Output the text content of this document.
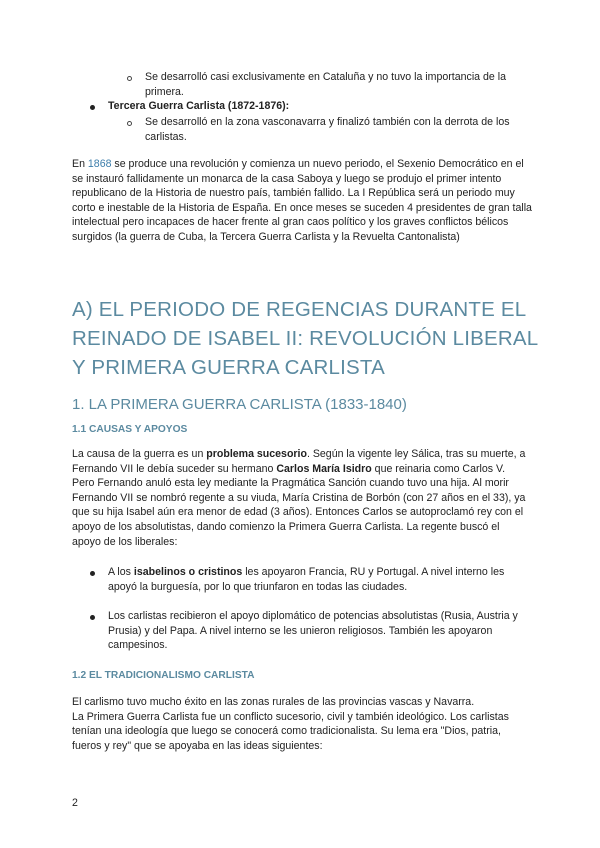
Se desarrolló casi exclusivamente en Cataluña y no tuvo la importancia de la primera.
Tercera Guerra Carlista (1872-1876):
Se desarrolló en la zona vasconavarra y finalizó también con la derrota de los carlistas.
En 1868 se produce una revolución y comienza un nuevo periodo, el Sexenio Democrático en el se instauró fallidamente un monarca de la casa Saboya y luego se produjo el primer intento republicano de la Historia de nuestro país, también fallido. La I República será un periodo muy corto e inestable de la Historia de España. En once meses se suceden 4 presidentes de gran talla intelectual pero incapaces de hacer frente al gran caos político y los graves conflictos bélicos surgidos (la guerra de Cuba, la Tercera Guerra Carlista y la Revuelta Cantonalista)
A) EL PERIODO DE REGENCIAS DURANTE EL REINADO DE ISABEL II: REVOLUCIÓN LIBERAL Y PRIMERA GUERRA CARLISTA
1. LA PRIMERA GUERRA CARLISTA (1833-1840)
1.1 CAUSAS Y APOYOS
La causa de la guerra es un problema sucesorio. Según la vigente ley Sálica, tras su muerte, a Fernando VII le debía suceder su hermano Carlos María Isidro que reinaria como Carlos V. Pero Fernando anuló esta ley mediante la Pragmática Sanción cuando tuvo una hija. Al morir Fernando VII se nombró regente a su viuda, María Cristina de Borbón (con 27 años en el 33), ya que su hija Isabel aún era menor de edad (3 años). Entonces Carlos se autoproclamó rey con el apoyo de los absolutistas, dando comienzo la Primera Guerra Carlista. La regente buscó el apoyo de los liberales:
A los isabelinos o cristinos les apoyaron Francia, RU y Portugal. A nivel interno les apoyó la burguesía, por lo que triunfaron en todas las ciudades.
Los carlistas recibieron el apoyo diplomático de potencias absolutistas (Rusia, Austria y Prusia) y del Papa. A nivel interno se les unieron religiosos. También les apoyaron campesinos.
1.2 EL TRADICIONALISMO CARLISTA
El carlismo tuvo mucho éxito en las zonas rurales de las provincias vascas y Navarra.
La Primera Guerra Carlista fue un conflicto sucesorio, civil y también ideológico. Los carlistas tenían una ideología que luego se conocerá como tradicionalista. Su lema era "Dios, patria, fueros y rey" que se apoyaba en las ideas siguientes:
2
